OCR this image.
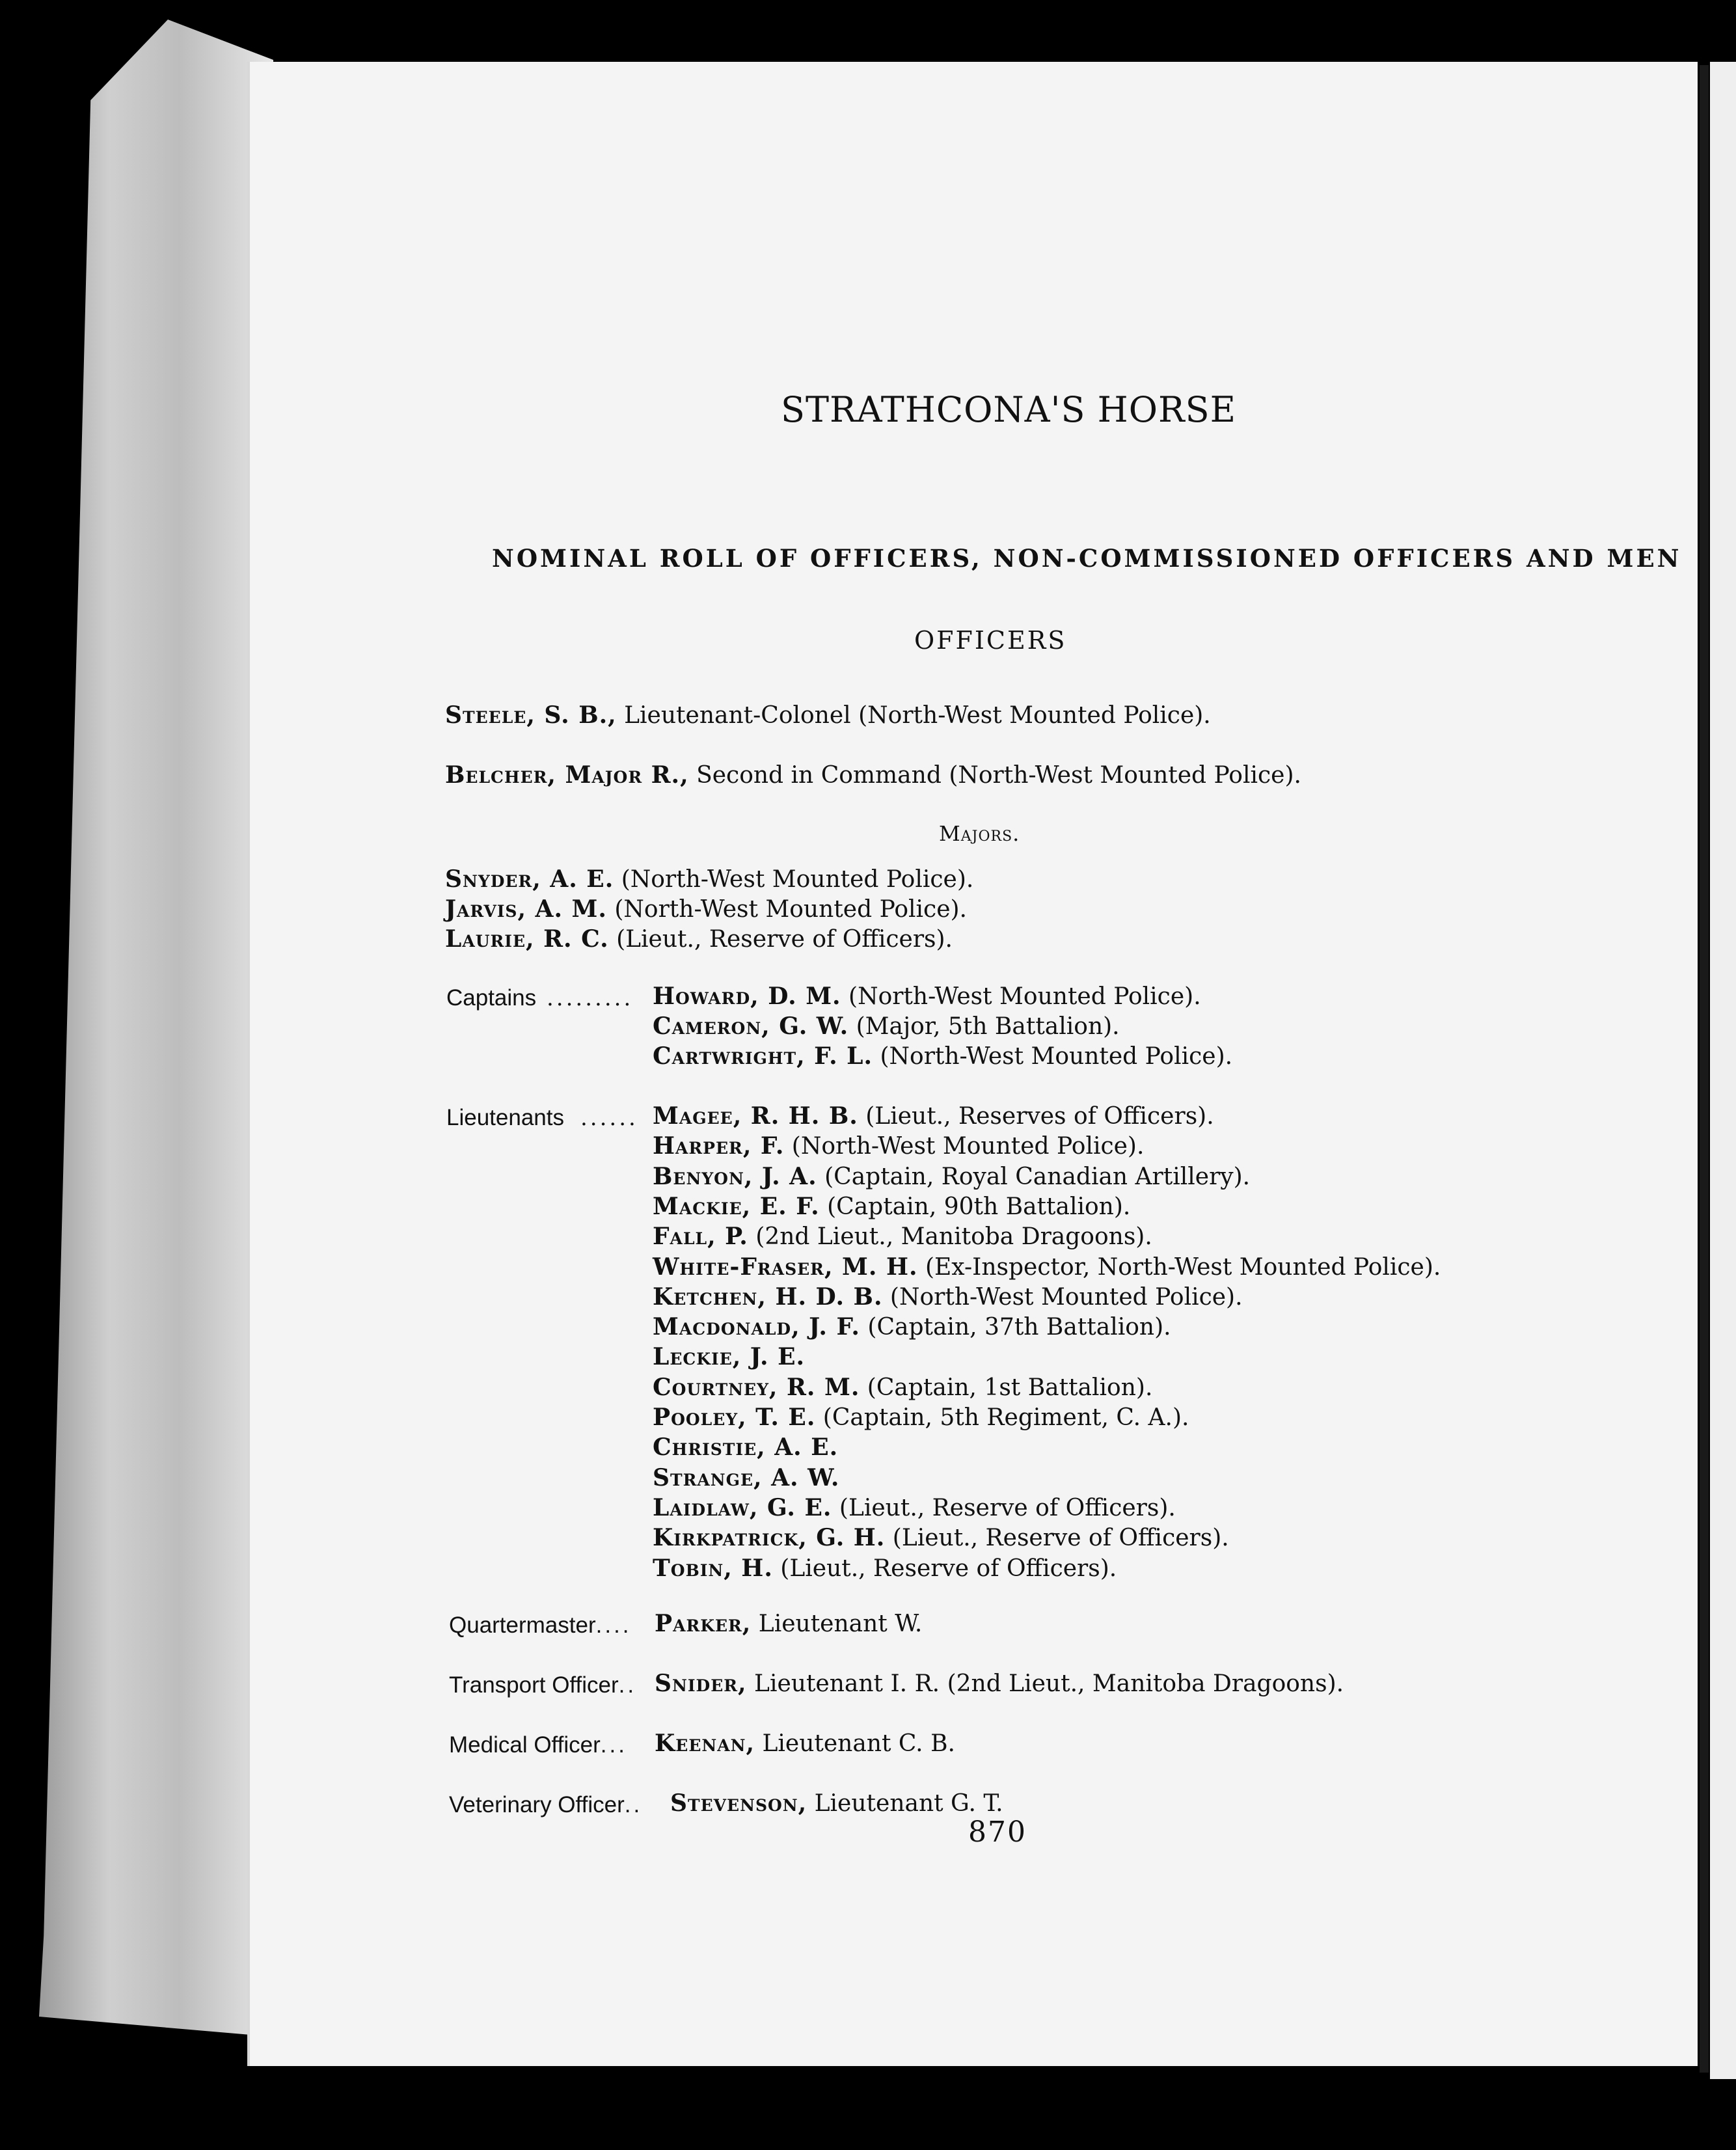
STRATHCONA'S HORSE
NOMINAL ROLL OF OFFICERS, NON-COMMISSIONED OFFICERS AND MEN
OFFICERS
Steele, S. B., Lieutenant-Colonel (North-West Mounted Police).
Belcher, Major R., Second in Command (North-West Mounted Police).
Majors.
Snyder, A. E. (North-West Mounted Police).
Jarvis, A. M. (North-West Mounted Police).
Laurie, R. C. (Lieut., Reserve of Officers).
Captains ......... Howard, D. M. (North-West Mounted Police).
Cameron, G. W. (Major, 5th Battalion).
Cartwright, F. L. (North-West Mounted Police).
Lieutenants ...... Magee, R. H. B. (Lieut., Reserves of Officers).
Harper, F. (North-West Mounted Police).
Benyon, J. A. (Captain, Royal Canadian Artillery).
Mackie, E. F. (Captain, 90th Battalion).
Fall, P. (2nd Lieut., Manitoba Dragoons).
White-Fraser, M. H. (Ex-Inspector, North-West Mounted Police).
Ketchen, H. D. B. (North-West Mounted Police).
Macdonald, J. F. (Captain, 37th Battalion).
Leckie, J. E.
Courtney, R. M. (Captain, 1st Battalion).
Pooley, T. E. (Captain, 5th Regiment, C. A.).
Christie, A. E.
Strange, A. W.
Laidlaw, G. E. (Lieut., Reserve of Officers).
Kirkpatrick, G. H. (Lieut., Reserve of Officers).
Tobin, H. (Lieut., Reserve of Officers).
Quartermaster.... Parker, Lieutenant W.
Transport Officer.. Snider, Lieutenant I. R. (2nd Lieut., Manitoba Dragoons).
Medical Officer... Keenan, Lieutenant C. B.
Veterinary Officer.. Stevenson, Lieutenant G. T.
870
